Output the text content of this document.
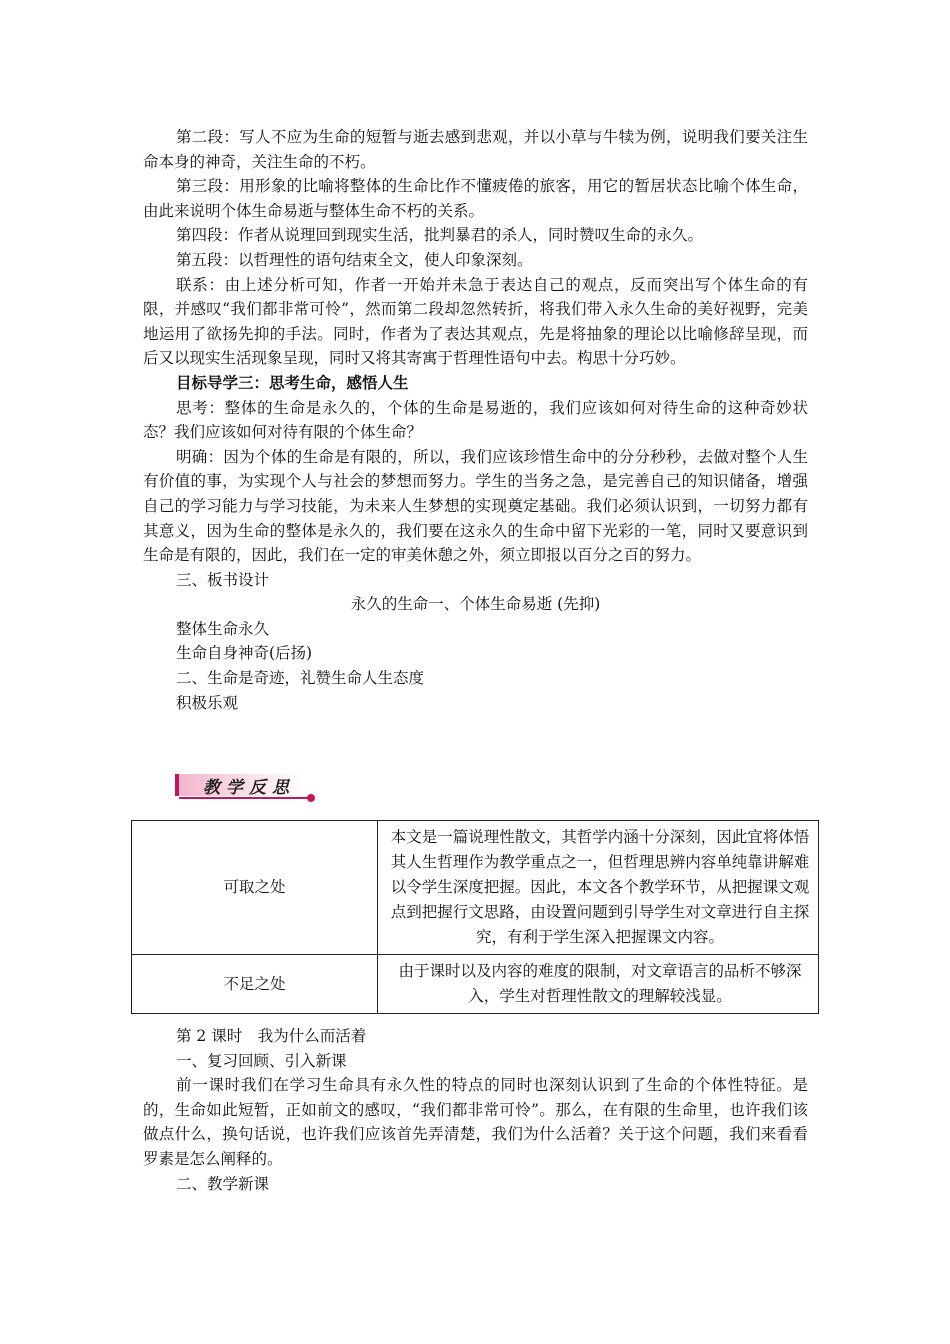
第二段：写人不应为生命的短暂与逝去感到悲观，并以小草与牛犊为例，说明我们要关注生命本身的神奇，关注生命的不朽。

第三段：用形象的比喻将整体的生命比作不懂疲倦的旅客，用它的暂居状态比喻个体生命，由此来说明个体生命易逝与整体生命不朽的关系。

第四段：作者从说理回到现实生活，批判暴君的杀人，同时赞叹生命的永久。

第五段：以哲理性的语句结束全文，使人印象深刻。

联系：由上述分析可知，作者一开始并未急于表达自己的观点，反而突出写个体生命的有限，并感叹“我们都非常可怜”，然而第二段却忽然转折，将我们带入永久生命的美好视野，完美地运用了欲扬先抑的手法。同时，作者为了表达其观点，先是将抽象的理论以比喻修辞呈现，而后又以现实生活现象呈现，同时又将其寄寓于哲理性语句中去。构思十分巧妙。

目标导学三：思考生命，感悟人生

思考：整体的生命是永久的，个体的生命是易逝的，我们应该如何对待生命的这种奇妙状态？我们应该如何对待有限的个体生命？

明确：因为个体的生命是有限的，所以，我们应该珍惜生命中的分分秒秒，去做对整个人生有价值的事，为实现个人与社会的梦想而努力。学生的当务之急，是完善自己的知识储备，增强自己的学习能力与学习技能，为未来人生梦想的实现奠定基础。我们必须认识到，一切努力都有其意义，因为生命的整体是永久的，我们要在这永久的生命中留下光彩的一笔，同时又要意识到生命是有限的，因此，我们在一定的审美休憩之外，须立即报以百分之百的努力。

三、板书设计

永久的生命一、个体生命易逝 (先抑)

整体生命永久

生命自身神奇(后扬)

二、生命是奇迹，礼赞生命人生态度

积极乐观

教学反思
可取之处	本文是一篇说理性散文，其哲学内涵十分深刻，因此宜将体悟其人生哲理作为教学重点之一，但哲理思辨内容单纯靠讲解难以令学生深度把握。因此，本文各个教学环节，从把握课文观点到把握行文思路，由设置问题到引导学生对文章进行自主探究，有利于学生深入把握课文内容。
不足之处	由于课时以及内容的难度的限制，对文章语言的品析不够深入，学生对哲理性散文的理解较浅显。

第 2 课时　我为什么而活着

一、复习回顾、引入新课

前一课时我们在学习生命具有永久性的特点的同时也深刻认识到了生命的个体性特征。是的，生命如此短暂，正如前文的感叹，“我们都非常可怜”。那么，在有限的生命里，也许我们该做点什么，换句话说，也许我们应该首先弄清楚，我们为什么活着？关于这个问题，我们来看看罗素是怎么阐释的。

二、教学新课
